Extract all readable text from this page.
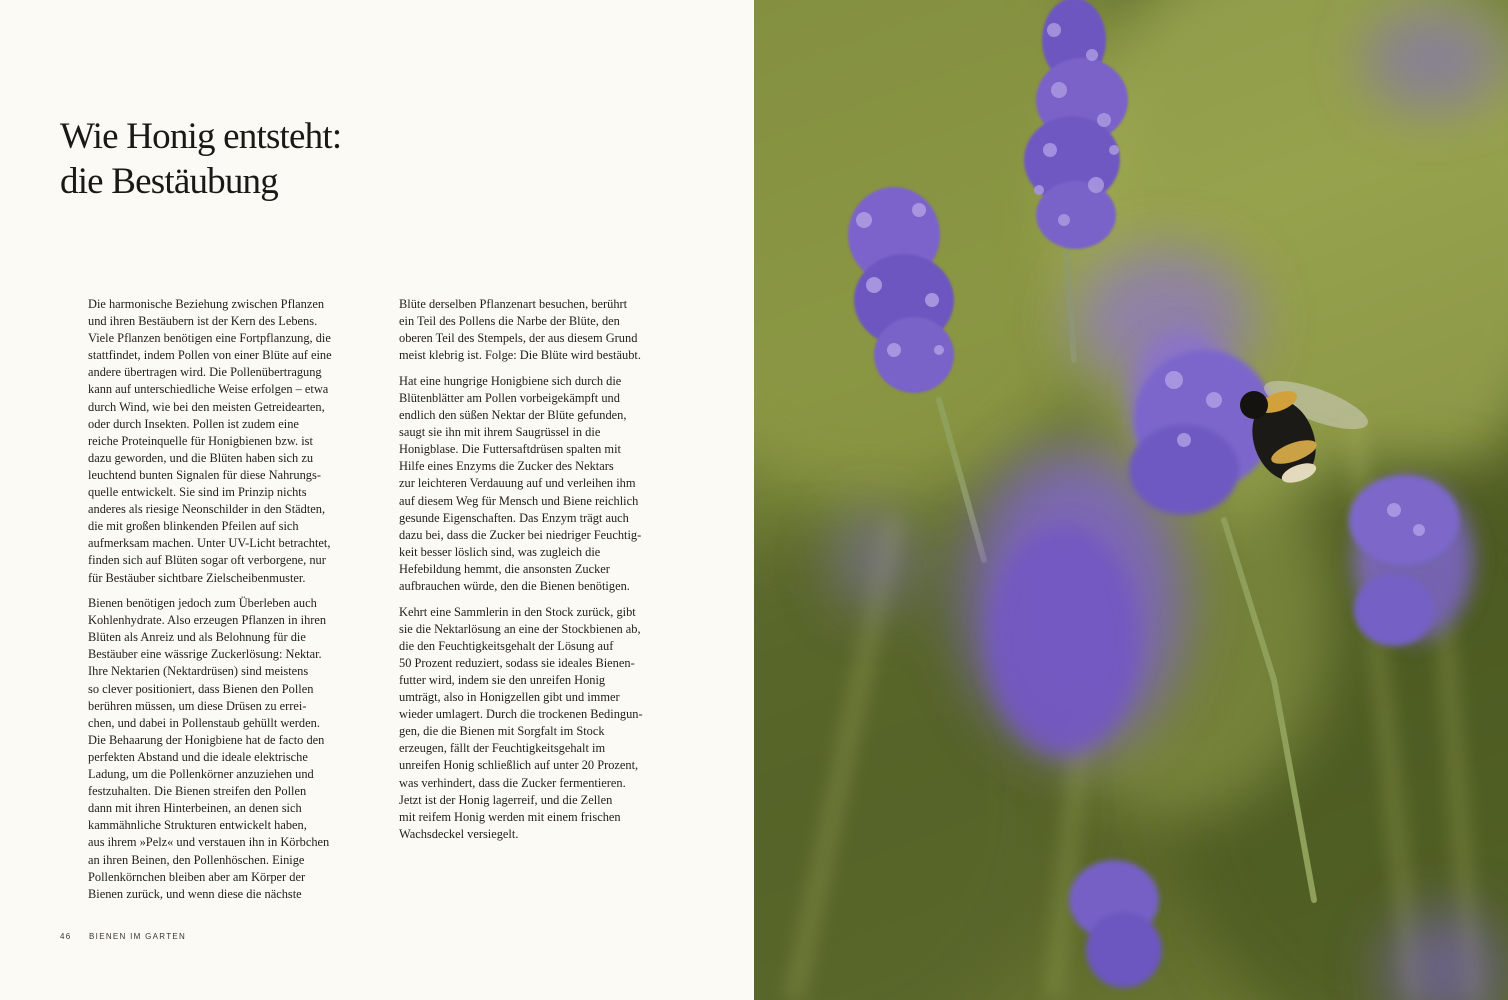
Wie Honig entsteht:
die Bestäubung

Die harmonische Beziehung zwischen Pflanzen
und ihren Bestäubern ist der Kern des Lebens.
Viele Pflanzen benötigen eine Fortpflanzung, die
stattfindet, indem Pollen von einer Blüte auf eine
andere übertragen wird. Die Pollenübertragung
kann auf unterschiedliche Weise erfolgen – etwa
durch Wind, wie bei den meisten Getreidearten,
oder durch Insekten. Pollen ist zudem eine
reiche Proteinquelle für Honigbienen bzw. ist
dazu geworden, und die Blüten haben sich zu
leuchtend bunten Signalen für diese Nahrungs-
quelle entwickelt. Sie sind im Prinzip nichts
anderes als riesige Neonschilder in den Städten,
die mit großen blinkenden Pfeilen auf sich
aufmerksam machen. Unter UV-Licht betrachtet,
finden sich auf Blüten sogar oft verborgene, nur
für Bestäuber sichtbare Zielscheibenmuster.

Bienen benötigen jedoch zum Überleben auch
Kohlenhydrate. Also erzeugen Pflanzen in ihren
Blüten als Anreiz und als Belohnung für die
Bestäuber eine wässrige Zuckerlösung: Nektar.
Ihre Nektarien (Nektardrüsen) sind meistens
so clever positioniert, dass Bienen den Pollen
berühren müssen, um diese Drüsen zu errei-
chen, und dabei in Pollenstaub gehüllt werden.
Die Behaarung der Honigbiene hat de facto den
perfekten Abstand und die ideale elektrische
Ladung, um die Pollenkörner anzuziehen und
festzuhalten. Die Bienen streifen den Pollen
dann mit ihren Hinterbeinen, an denen sich
kammähnliche Strukturen entwickelt haben,
aus ihrem »Pelz« und verstauen ihn in Körbchen
an ihren Beinen, den Pollenhöschen. Einige
Pollenkörnchen bleiben aber am Körper der
Bienen zurück, und wenn diese die nächste

Blüte derselben Pflanzenart besuchen, berührt
ein Teil des Pollens die Narbe der Blüte, den
oberen Teil des Stempels, der aus diesem Grund
meist klebrig ist. Folge: Die Blüte wird bestäubt.

Hat eine hungrige Honigbiene sich durch die
Blütenblätter am Pollen vorbeigekämpft und
endlich den süßen Nektar der Blüte gefunden,
saugt sie ihn mit ihrem Saugrüssel in die
Honigblase. Die Futtersaftdrüsen spalten mit
Hilfe eines Enzyms die Zucker des Nektars
zur leichteren Verdauung auf und verleihen ihm
auf diesem Weg für Mensch und Biene reichlich
gesunde Eigenschaften. Das Enzym trägt auch
dazu bei, dass die Zucker bei niedriger Feuchtig-
keit besser löslich sind, was zugleich die
Hefebildung hemmt, die ansonsten Zucker
aufbrauchen würde, den die Bienen benötigen.

Kehrt eine Sammlerin in den Stock zurück, gibt
sie die Nektarlösung an eine der Stockbienen ab,
die den Feuchtigkeitsgehalt der Lösung auf
50 Prozent reduziert, sodass sie ideales Bienen-
futter wird, indem sie den unreifen Honig
umträgt, also in Honigzellen gibt und immer
wieder umlagert. Durch die trockenen Bedingun-
gen, die die Bienen mit Sorgfalt im Stock
erzeugen, fällt der Feuchtigkeitsgehalt im
unreifen Honig schließlich auf unter 20 Prozent,
was verhindert, dass die Zucker fermentieren.
Jetzt ist der Honig lagerreif, und die Zellen
mit reifem Honig werden mit einem frischen
Wachsdeckel versiegelt.

46 BIENEN IM GARTEN
